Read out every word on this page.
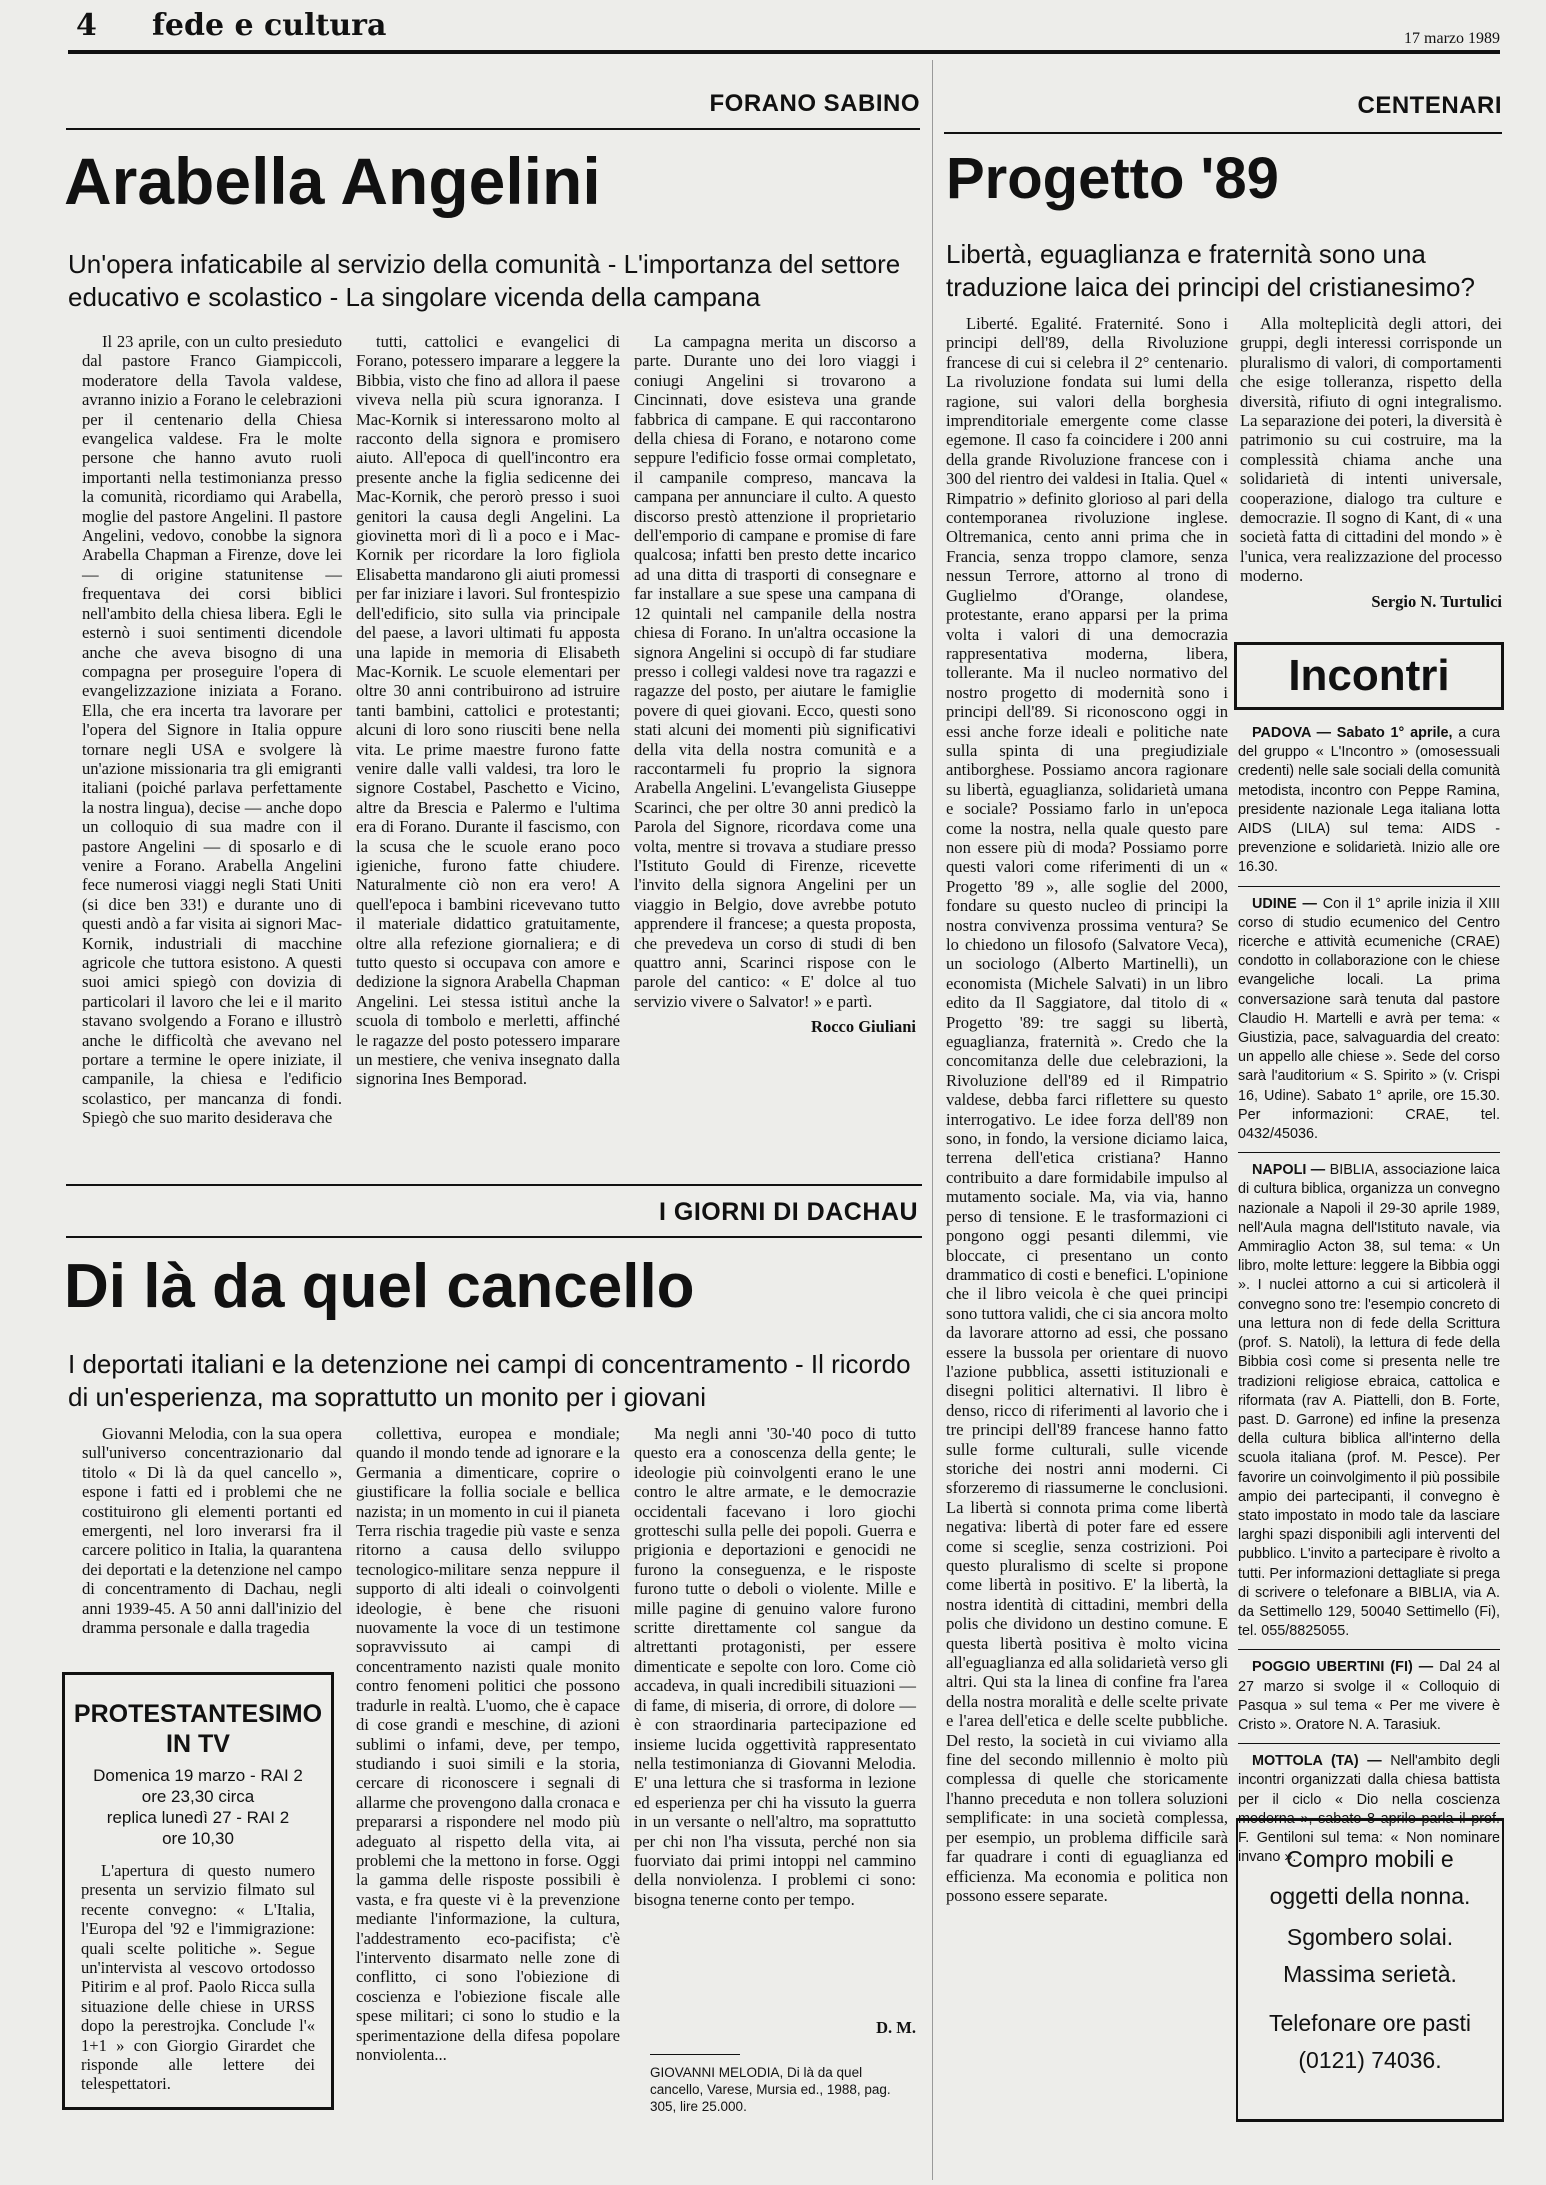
4 fede e cultura	17 marzo 1989
FORANO SABINO
Arabella Angelini
Un'opera infaticabile al servizio della comunità - L'importanza del settore educativo e scolastico - La singolare vicenda della campana

Il 23 aprile, con un culto presieduto dal pastore Franco Giampiccoli, moderatore della Tavola valdese, avranno inizio a Forano le celebrazioni per il centenario della Chiesa evangelica valdese. Fra le molte persone che hanno avuto ruoli importanti nella testimonianza presso la comunità, ricordiamo qui Arabella, moglie del pastore Angelini. Il pastore Angelini, vedovo, conobbe la signora Arabella Chapman a Firenze, dove lei — di origine statunitense — frequentava dei corsi biblici nell'ambito della chiesa libera. Egli le esternò i suoi sentimenti dicendole anche che aveva bisogno di una compagna per proseguire l'opera di evangelizzazione iniziata a Forano. Ella, che era incerta tra lavorare per l'opera del Signore in Italia oppure tornare negli USA e svolgere là un'azione missionaria tra gli emigranti italiani (poiché parlava perfettamente la nostra lingua), decise — anche dopo un colloquio di sua madre con il pastore Angelini — di sposarlo e di venire a Forano. Arabella Angelini fece numerosi viaggi negli Stati Uniti (si dice ben 33!) e durante uno di questi andò a far visita ai signori Mac-Kornik, industriali di macchine agricole che tuttora esistono. A questi suoi amici spiegò con dovizia di particolari il lavoro che lei e il marito stavano svolgendo a Forano e illustrò anche le difficoltà che avevano nel portare a termine le opere iniziate, il campanile, la chiesa e l'edificio scolastico, per mancanza di fondi. Spiegò che suo marito desiderava che

tutti, cattolici e evangelici di Forano, potessero imparare a leggere la Bibbia, visto che fino ad allora il paese viveva nella più scura ignoranza. I Mac-Kornik si interessarono molto al racconto della signora e promisero aiuto. All'epoca di quell'incontro era presente anche la figlia sedicenne dei Mac-Kornik, che perorò presso i suoi genitori la causa degli Angelini. La giovinetta morì di lì a poco e i Mac-Kornik per ricordare la loro figliola Elisabetta mandarono gli aiuti promessi per far iniziare i lavori. Sul frontespizio dell'edificio, sito sulla via principale del paese, a lavori ultimati fu apposta una lapide in memoria di Elisabeth Mac-Kornik. Le scuole elementari per oltre 30 anni contribuirono ad istruire tanti bambini, cattolici e protestanti; alcuni di loro sono riusciti bene nella vita. Le prime maestre furono fatte venire dalle valli valdesi, tra loro le signore Costabel, Paschetto e Vicino, altre da Brescia e Palermo e l'ultima era di Forano. Durante il fascismo, con la scusa che le scuole erano poco igieniche, furono fatte chiudere. Naturalmente ciò non era vero! A quell'epoca i bambini ricevevano tutto il materiale didattico gratuitamente, oltre alla refezione giornaliera; e di tutto questo si occupava con amore e dedizione la signora Arabella Chapman Angelini. Lei stessa istituì anche la scuola di tombolo e merletti, affinché le ragazze del posto potessero imparare un mestiere, che veniva insegnato dalla signorina Ines Bemporad.

La campagna merita un discorso a parte. Durante uno dei loro viaggi i coniugi Angelini si trovarono a Cincinnati, dove esisteva una grande fabbrica di campane. E qui raccontarono della chiesa di Forano, e notarono come seppure l'edificio fosse ormai completato, il campanile compreso, mancava la campana per annunciare il culto. A questo discorso prestò attenzione il proprietario dell'emporio di campane e promise di fare qualcosa; infatti ben presto dette incarico ad una ditta di trasporti di consegnare e far installare a sue spese una campana di 12 quintali nel campanile della nostra chiesa di Forano. In un'altra occasione la signora Angelini si occupò di far studiare presso i collegi valdesi nove tra ragazzi e ragazze del posto, per aiutare le famiglie povere di quei giovani. Ecco, questi sono stati alcuni dei momenti più significativi della vita della nostra comunità e a raccontarmeli fu proprio la signora Arabella Angelini. L'evangelista Giuseppe Scarinci, che per oltre 30 anni predicò la Parola del Signore, ricordava come una volta, mentre si trovava a studiare presso l'Istituto Gould di Firenze, ricevette l'invito della signora Angelini per un viaggio in Belgio, dove avrebbe potuto apprendere il francese; a questa proposta, che prevedeva un corso di studi di ben quattro anni, Scarinci rispose con le parole del cantico: « E' dolce al tuo servizio vivere o Salvator! » e partì.

Rocco Giuliani
I GIORNI DI DACHAU
Di là da quel cancello
I deportati italiani e la detenzione nei campi di concentramento - Il ricordo di un'esperienza, ma soprattutto un monito per i giovani

Giovanni Melodia, con la sua opera sull'universo concentrazionario dal titolo « Di là da quel cancello », espone i fatti ed i problemi che ne costituirono gli elementi portanti ed emergenti, nel loro inverarsi fra il carcere politico in Italia, la quarantena dei deportati e la detenzione nel campo di concentramento di Dachau, negli anni 1939-45. A 50 anni dall'inizio del dramma personale e dalla tragedia

PROTESTANTESIMO
IN TV
Domenica 19 marzo - RAI 2
ore 23,30 circa
replica lunedì 27 - RAI 2
ore 10,30

L'apertura di questo numero presenta un servizio filmato sul recente convegno: « L'Italia, l'Europa del '92 e l'immigrazione: quali scelte politiche ». Segue un'intervista al vescovo ortodosso Pitirim e al prof. Paolo Ricca sulla situazione delle chiese in URSS dopo la perestrojka. Conclude l'« 1+1 » con Giorgio Girardet che risponde alle lettere dei telespettatori.

collettiva, europea e mondiale; quando il mondo tende ad ignorare e la Germania a dimenticare, coprire o giustificare la follia sociale e bellica nazista; in un momento in cui il pianeta Terra rischia tragedie più vaste e senza ritorno a causa dello sviluppo tecnologico-militare senza neppure il supporto di alti ideali o coinvolgenti ideologie, è bene che risuoni nuovamente la voce di un testimone sopravvissuto ai campi di concentramento nazisti quale monito contro fenomeni politici che possono tradurle in realtà. L'uomo, che è capace di cose grandi e meschine, di azioni sublimi o infami, deve, per tempo, studiando i suoi simili e la storia, cercare di riconoscere i segnali di allarme che provengono dalla cronaca e prepararsi a rispondere nel modo più adeguato al rispetto della vita, ai problemi che la mettono in forse. Oggi la gamma delle risposte possibili è vasta, e fra queste vi è la prevenzione mediante l'informazione, la cultura, l'addestramento eco-pacifista; c'è l'intervento disarmato nelle zone di conflitto, ci sono l'obiezione di coscienza e l'obiezione fiscale alle spese militari; ci sono lo studio e la sperimentazione della difesa popolare nonviolenta...

Ma negli anni '30-'40 poco di tutto questo era a conoscenza della gente; le ideologie più coinvolgenti erano le une contro le altre armate, e le democrazie occidentali facevano i loro giochi grotteschi sulla pelle dei popoli. Guerra e prigionia e deportazioni e genocidi ne furono la conseguenza, e le risposte furono tutte o deboli o violente. Mille e mille pagine di genuino valore furono scritte direttamente col sangue da altrettanti protagonisti, per essere dimenticate e sepolte con loro. Come ciò accadeva, in quali incredibili situazioni — di fame, di miseria, di orrore, di dolore — è con straordinaria partecipazione ed insieme lucida oggettività rappresentato nella testimonianza di Giovanni Melodia. E' una lettura che si trasforma in lezione ed esperienza per chi ha vissuto la guerra in un versante o nell'altro, ma soprattutto per chi non l'ha vissuta, perché non sia fuorviato dai primi intoppi nel cammino della nonviolenza. I problemi ci sono: bisogna tenerne conto per tempo.

D. M.
GIOVANNI MELODIA, Di là da quel cancello, Varese, Mursia ed., 1988, pag. 305, lire 25.000.
CENTENARI
Progetto '89
Libertà, eguaglianza e fraternità sono una traduzione laica dei principi del cristianesimo?

Liberté. Egalité. Fraternité. Sono i principi dell'89, della Rivoluzione francese di cui si celebra il 2° centenario. La rivoluzione fondata sui lumi della ragione, sui valori della borghesia imprenditoriale emergente come classe egemone. Il caso fa coincidere i 200 anni della grande Rivoluzione francese con i 300 del rientro dei valdesi in Italia. Quel « Rimpatrio » definito glorioso al pari della contemporanea rivoluzione inglese. Oltremanica, cento anni prima che in Francia, senza troppo clamore, senza nessun Terrore, attorno al trono di Guglielmo d'Orange, olandese, protestante, erano apparsi per la prima volta i valori di una democrazia rappresentativa moderna, libera, tollerante. Ma il nucleo normativo del nostro progetto di modernità sono i principi dell'89. Si riconoscono oggi in essi anche forze ideali e politiche nate sulla spinta di una pregiudiziale antiborghese. Possiamo ancora ragionare su libertà, eguaglianza, solidarietà umana e sociale? Possiamo farlo in un'epoca come la nostra, nella quale questo pare non essere più di moda? Possiamo porre questi valori come riferimenti di un « Progetto '89 », alle soglie del 2000, fondare su questo nucleo di principi la nostra convivenza prossima ventura? Se lo chiedono un filosofo (Salvatore Veca), un sociologo (Alberto Martinelli), un economista (Michele Salvati) in un libro edito da Il Saggiatore, dal titolo di « Progetto '89: tre saggi su libertà, eguaglianza, fraternità ». Credo che la concomitanza delle due celebrazioni, la Rivoluzione dell'89 ed il Rimpatrio valdese, debba farci riflettere su questo interrogativo. Le idee forza dell'89 non sono, in fondo, la versione diciamo laica, terrena dell'etica cristiana? Hanno contribuito a dare formidabile impulso al mutamento sociale. Ma, via via, hanno perso di tensione. E le trasformazioni ci pongono oggi pesanti dilemmi, vie bloccate, ci presentano un conto drammatico di costi e benefici. L'opinione che il libro veicola è che quei principi sono tuttora validi, che ci sia ancora molto da lavorare attorno ad essi, che possano essere la bussola per orientare di nuovo l'azione pubblica, assetti istituzionali e disegni politici alternativi. Il libro è denso, ricco di riferimenti al lavorio che i tre principi dell'89 francese hanno fatto sulle forme culturali, sulle vicende storiche dei nostri anni moderni. Ci sforzeremo di riassumerne le conclusioni. La libertà si connota prima come libertà negativa: libertà di poter fare ed essere come si sceglie, senza costrizioni. Poi questo pluralismo di scelte si propone come libertà in positivo. E' la libertà, la nostra identità di cittadini, membri della polis che dividono un destino comune. E questa libertà positiva è molto vicina all'eguaglianza ed alla solidarietà verso gli altri. Qui sta la linea di confine fra l'area della nostra moralità e delle scelte private e l'area dell'etica e delle scelte pubbliche. Del resto, la società in cui viviamo alla fine del secondo millennio è molto più complessa di quelle che storicamente l'hanno preceduta e non tollera soluzioni semplificate: in una società complessa, per esempio, un problema difficile sarà far quadrare i conti di eguaglianza ed efficienza. Ma economia e politica non possono essere separate.

Alla molteplicità degli attori, dei gruppi, degli interessi corrisponde un pluralismo di valori, di comportamenti che esige tolleranza, rispetto della diversità, rifiuto di ogni integralismo. La separazione dei poteri, la diversità è patrimonio su cui costruire, ma la complessità chiama anche una solidarietà di intenti universale, cooperazione, dialogo tra culture e democrazie. Il sogno di Kant, di « una società fatta di cittadini del mondo » è l'unica, vera realizzazione del processo moderno.

Sergio N. Turtulici
Incontri

PADOVA — Sabato 1° aprile, a cura del gruppo « L'Incontro » (omosessuali credenti) nelle sale sociali della comunità metodista, incontro con Peppe Ramina, presidente nazionale Lega italiana lotta AIDS (LILA) sul tema: AIDS - prevenzione e solidarietà. Inizio alle ore 16.30.

UDINE — Con il 1° aprile inizia il XIII corso di studio ecumenico del Centro ricerche e attività ecumeniche (CRAE) condotto in collaborazione con le chiese evangeliche locali. La prima conversazione sarà tenuta dal pastore Claudio H. Martelli e avrà per tema: « Giustizia, pace, salvaguardia del creato: un appello alle chiese ». Sede del corso sarà l'auditorium « S. Spirito » (v. Crispi 16, Udine). Sabato 1° aprile, ore 15.30. Per informazioni: CRAE, tel. 0432/45036.

NAPOLI — BIBLIA, associazione laica di cultura biblica, organizza un convegno nazionale a Napoli il 29-30 aprile 1989, nell'Aula magna dell'Istituto navale, via Ammiraglio Acton 38, sul tema: « Un libro, molte letture: leggere la Bibbia oggi ». I nuclei attorno a cui si articolerà il convegno sono tre: l'esempio concreto di una lettura non di fede della Scrittura (prof. S. Natoli), la lettura di fede della Bibbia così come si presenta nelle tre tradizioni religiose ebraica, cattolica e riformata (rav A. Piattelli, don B. Forte, past. D. Garrone) ed infine la presenza della cultura biblica all'interno della scuola italiana (prof. M. Pesce). Per favorire un coinvolgimento il più possibile ampio dei partecipanti, il convegno è stato impostato in modo tale da lasciare larghi spazi disponibili agli interventi del pubblico. L'invito a partecipare è rivolto a tutti. Per informazioni dettagliate si prega di scrivere o telefonare a BIBLIA, via A. da Settimello 129, 50040 Settimello (Fi), tel. 055/8825055.

POGGIO UBERTINI (FI) — Dal 24 al 27 marzo si svolge il « Colloquio di Pasqua » sul tema « Per me vivere è Cristo ». Oratore N. A. Tarasiuk.

MOTTOLA (TA) — Nell'ambito degli incontri organizzati dalla chiesa battista per il ciclo « Dio nella coscienza moderna », sabato 8 aprile parla il prof. F. Gentiloni sul tema: « Non nominare invano ».

Compro mobili e
oggetti della nonna.
Sgombero solai.
Massima serietà.
Telefonare ore pasti
(0121) 74036.
